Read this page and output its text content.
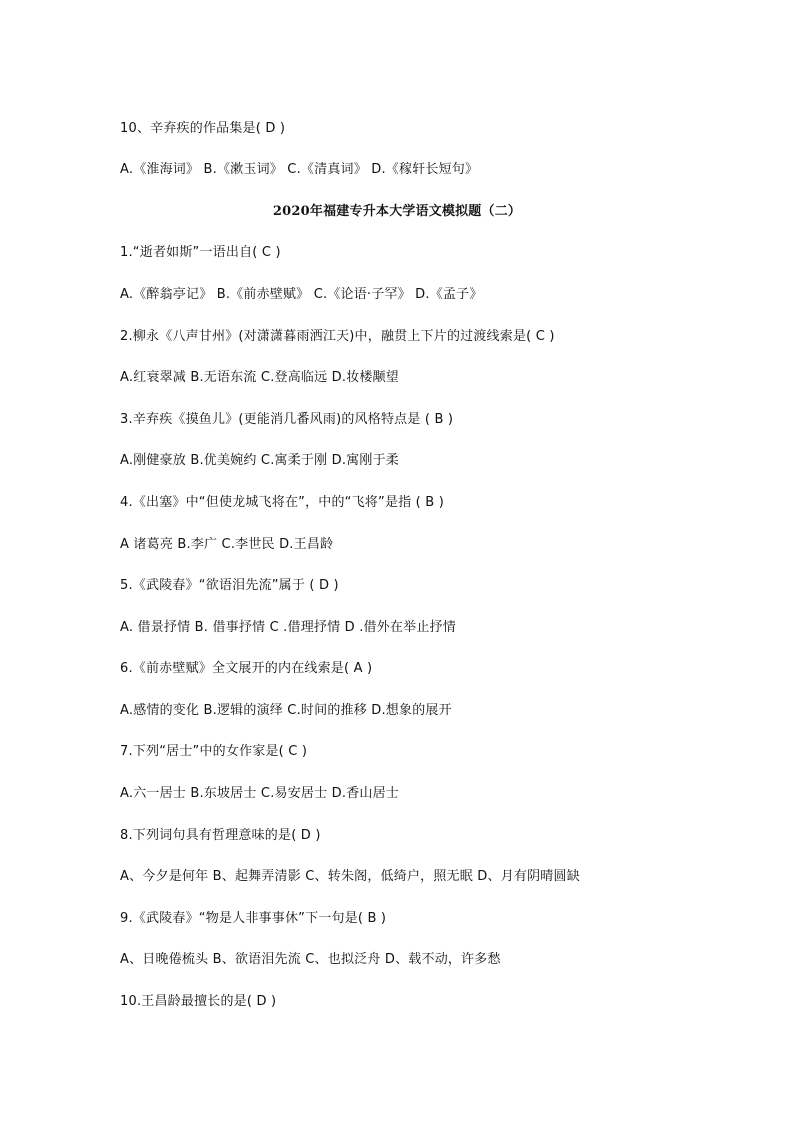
10、辛弃疾的作品集是( D )
A.《淮海词》 B.《漱玉词》 C.《清真词》 D.《稼轩长短句》
2020年福建专升本大学语文模拟题（二）
1.“逝者如斯”一语出自( C )
A.《醉翁亭记》 B.《前赤壁赋》 C.《论语·子罕》 D.《孟子》
2.柳永《八声甘州》(对潇潇暮雨洒江天)中，融贯上下片的过渡线索是( C )
A.红衰翠减 B.无语东流 C.登高临远 D.妆楼颙望
3.辛弃疾《摸鱼儿》(更能消几番风雨)的风格特点是 ( B )
A.刚健豪放 B.优美婉约 C.寓柔于刚 D.寓刚于柔
4.《出塞》中“但使龙城飞将在”，中的“飞将”是指 ( B )
A 诸葛亮 B.李广 C.李世民 D.王昌龄
5.《武陵春》“欲语泪先流”属于 ( D )
A. 借景抒情 B. 借事抒情 C .借理抒情 D .借外在举止抒情
6.《前赤壁赋》全文展开的内在线索是( A )
A.感情的变化 B.逻辑的演绎 C.时间的推移 D.想象的展开
7.下列“居士”中的女作家是( C )
A.六一居士 B.东坡居士 C.易安居士 D.香山居士
8.下列词句具有哲理意味的是( D )
A、今夕是何年 B、起舞弄清影 C、转朱阁，低绮户，照无眠 D、月有阴晴圆缺
9.《武陵春》“物是人非事事休”下一句是( B )
A、日晚倦梳头 B、欲语泪先流 C、也拟泛舟 D、载不动，许多愁
10.王昌龄最擅长的是( D )
